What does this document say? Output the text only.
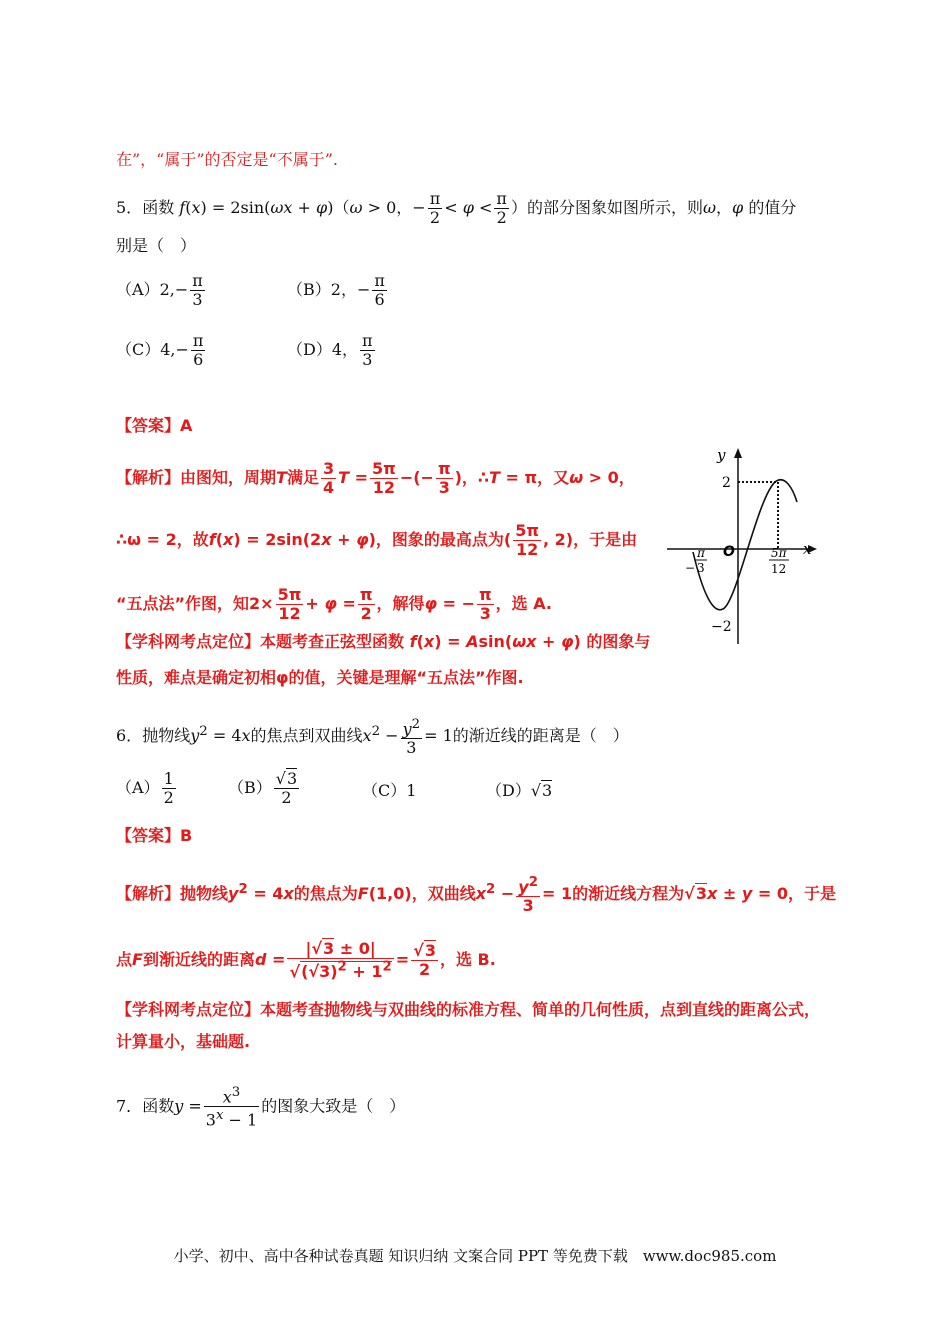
在”，“属于”的否定是“不属于”.
5．函数 f(x) = 2sin(ωx + φ)（ω > 0，− $\frac{\pi}{2} < \varphi < \frac{\pi}{2}$ ）的部分图象如图所示，则ω，φ 的值分
别是（　）
$(A)2,- \frac{\pi}{3}$	（B）2，− $\frac{\pi}{6}$
$(C)4,- \frac{\pi}{6}$	（D）4， $\frac{\pi}{3}$
【答案】A
【解析】由图知，周期T满足 $\frac{3}{4}$ $T = \frac{5\pi}{12}$ −(− $\frac{\pi}{3}$ )，∴T = π，又ω > 0，
∴ω = 2，故f(x) = 2sin(2x + φ)，图象的最高点为( $\frac{5\pi}{12}$ , 2)，于是由
“五点法”作图，知$2\times \frac{5\pi}{12} + \varphi = \frac{\pi}{2}$ ，解得φ = − $\frac{\pi}{3}$ ，选 A.
【学科网考点定位】本题考查正弦型函数 f(x) = Asin(ωx + φ) 的图象与
性质，难点是确定初相φ的值，关键是理解“五点法”作图.
y
x
O
2
−2
π
− 3
5π
12
6．抛物线$y^2 = 4x$的焦点到双曲线$x^2 - \frac{y^2}{3} = 1$的渐近线的距离是（　）
$(A) \frac{1}{2}$	$(B) \frac{√3}{2}$	（C）1	（D）√3
【答案】B
【解析】抛物线$y^2 = 4x$的焦点为F(1,0)，双曲线$x^2 - \frac{y^2}{3} = 1$的渐近线方程为√3x ± y = 0，于是
点F到渐近线的距离$d = \frac{|√3 \pm 0|}{√(√3)^2 + 1^2} = \frac{√3}{2}$ ，选 B.
【学科网考点定位】本题考查抛物线与双曲线的标准方程、简单的几何性质，点到直线的距离公式，
计算量小，基础题.
7．函数$y = \frac{x^3}{3^x - 1}$ 的图象大致是（　）
小学、初中、高中各种试卷真题 知识归纳 文案合同 PPT 等免费下载　www.doc985.com
